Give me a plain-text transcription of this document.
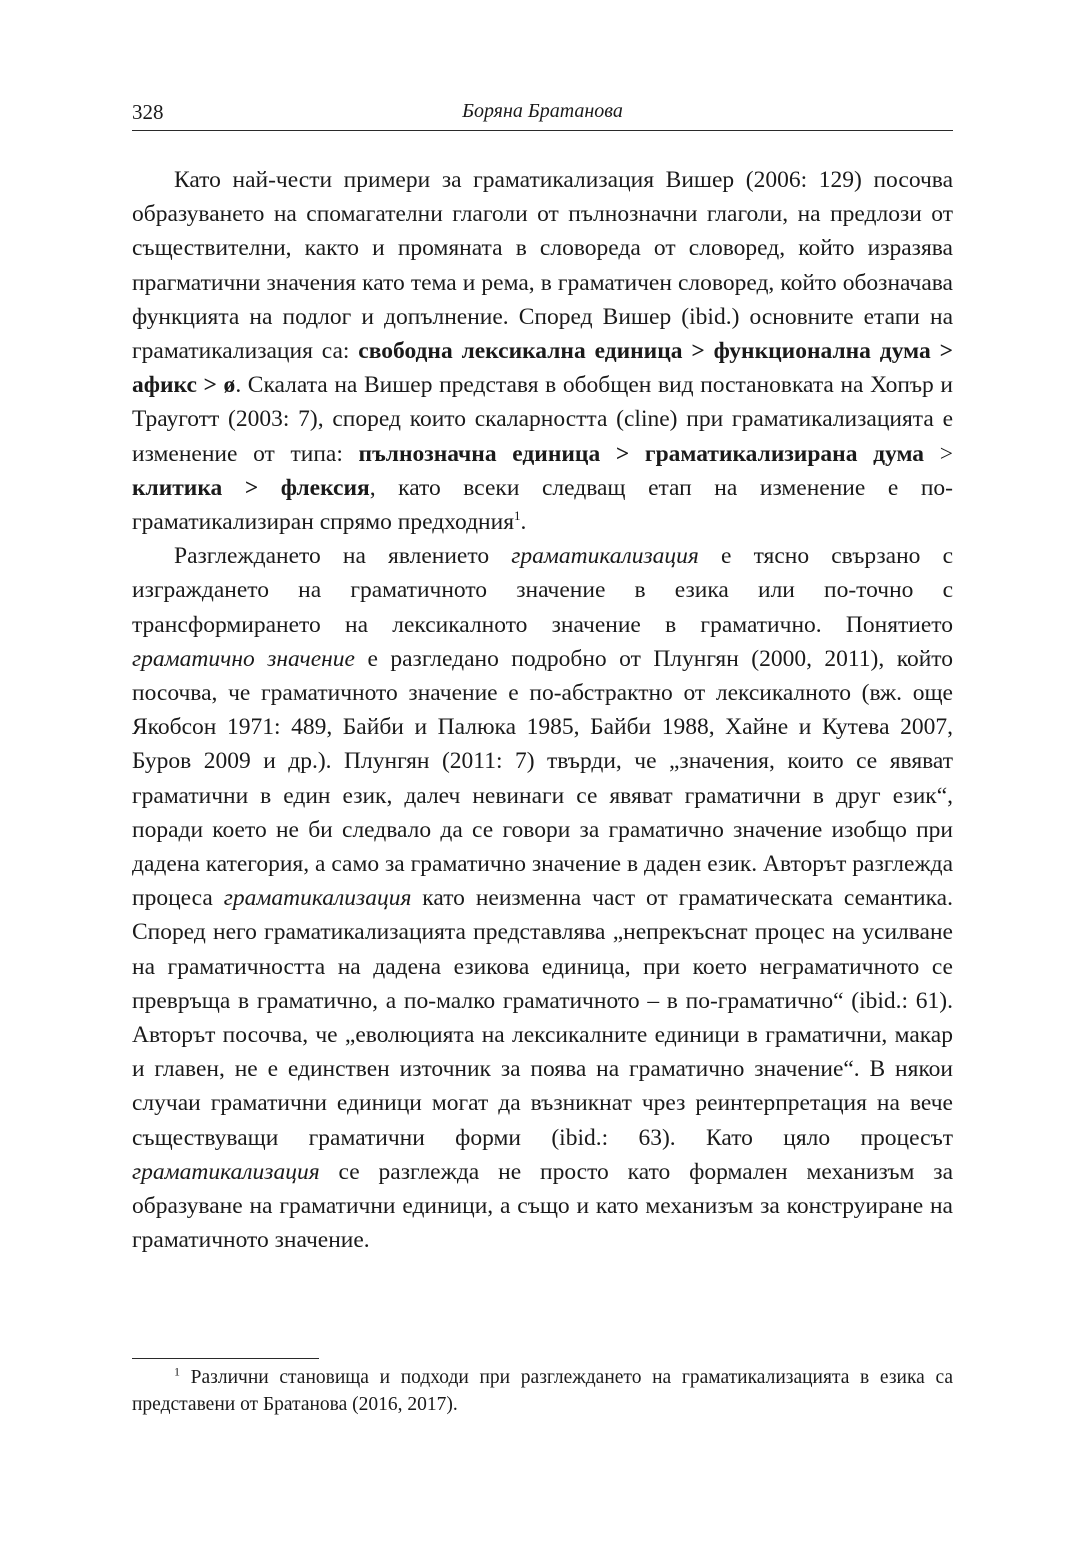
328	Боряна Братанова

Като най-чести примери за граматикализация Вишер (2006: 129) посочва образуването на спомагателни глаголи от пълнозначни глаголи, на предлози от съществителни, както и промяната в словореда от словоред, който изразява прагматични значения като тема и рема, в граматичен словоред, който обозначава функцията на подлог и допълнение. Според Вишер (ibid.) основните етапи на граматикализация са: свободна лексикална единица > функционална дума > афикс > ø. Скалата на Вишер представя в обобщен вид постановката на Хопър и Трауготт (2003: 7), според които скаларността (cline) при граматикализацията е изменение от типа: пълнозначна единица > граматикализирана дума > клитика > флексия, като всеки следващ етап на изменение е по-граматикализиран спрямо предходния$^1$.

Разглеждането на явлението граматикализация е тясно свързано с изграждането на граматичното значение в езика или по-точно с трансформирането на лексикалното значение в граматично. Понятието граматично значение е разгледано подробно от Плунгян (2000, 2011), който посочва, че граматичното значение е по-абстрактно от лексикалното (вж. още Якобсон 1971: 489, Байби и Палюка 1985, Байби 1988, Хайне и Кутева 2007, Буров 2009 и др.). Плунгян (2011: 7) твърди, че „значения, които се явяват граматични в един език, далеч невинаги се явяват граматични в друг език“, поради което не би следвало да се говори за граматично значение изобщо при дадена категория, а само за граматично значение в даден език. Авторът разглежда процеса граматикализация като неизменна част от граматическата семантика. Според него граматикализацията представлява „непрекъснат процес на усилване на граматичността на дадена езикова единица, при което неграматичното се превръща в граматично, а по-малко граматичното – в по-граматично“ (ibid.: 61). Авторът посочва, че „еволюцията на лексикалните единици в граматични, макар и главен, не е единствен източник за поява на граматично значение“. В някои случаи граматични единици могат да възникнат чрез реинтерпретация на вече съществуващи граматични форми (ibid.: 63). Като цяло процесът граматикализация се разглежда не просто като формален механизъм за образуване на граматични единици, а също и като механизъм за конструиране на граматичното значение.

$^1$ Различни становища и подходи при разглеждането на граматикализацията в езика са представени от Братанова (2016, 2017).
